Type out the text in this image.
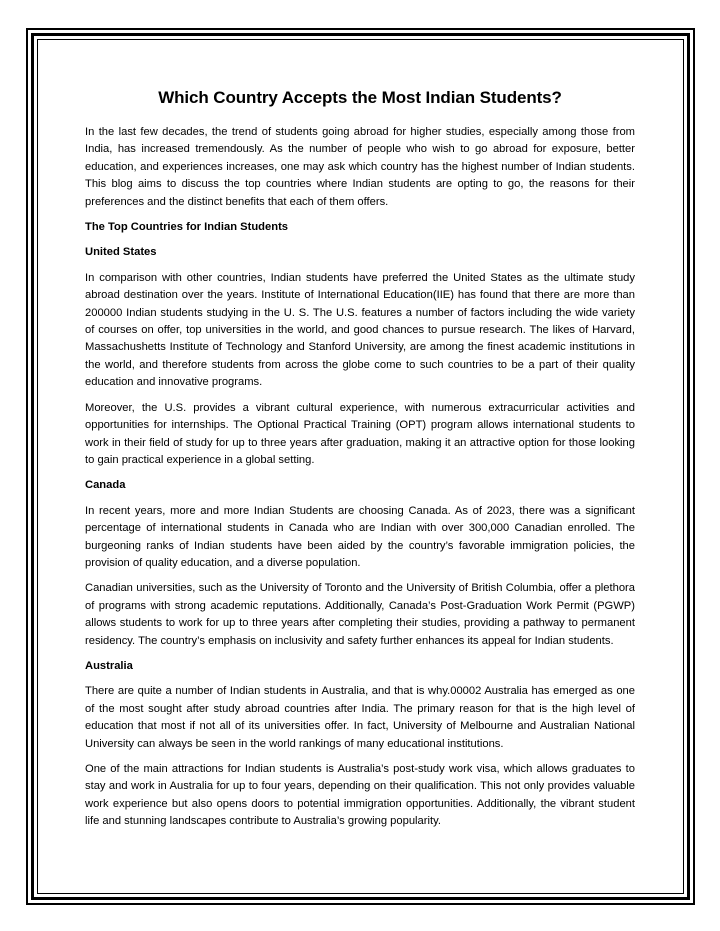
Which Country Accepts the Most Indian Students?

In the last few decades, the trend of students going abroad for higher studies, especially among those from India, has increased tremendously. As the number of people who wish to go abroad for exposure, better education, and experiences increases, one may ask which country has the highest number of Indian students. This blog aims to discuss the top countries where Indian students are opting to go, the reasons for their preferences and the distinct benefits that each of them offers.

The Top Countries for Indian Students
United States

In comparison with other countries, Indian students have preferred the United States as the ultimate study abroad destination over the years. Institute of International Education(IIE) has found that there are more than 200000 Indian students studying in the U. S. The U.S. features a number of factors including the wide variety of courses on offer, top universities in the world, and good chances to pursue research. The likes of Harvard, Massachushetts Institute of Technology and Stanford University, are among the finest academic institutions in the world, and therefore students from across the globe come to such countries to be a part of their quality education and innovative programs.

Moreover, the U.S. provides a vibrant cultural experience, with numerous extracurricular activities and opportunities for internships. The Optional Practical Training (OPT) program allows international students to work in their field of study for up to three years after graduation, making it an attractive option for those looking to gain practical experience in a global setting.

Canada

In recent years, more and more Indian Students are choosing Canada. As of 2023, there was a significant percentage of international students in Canada who are Indian with over 300,000 Canadian enrolled. The burgeoning ranks of Indian students have been aided by the country’s favorable immigration policies, the provision of quality education, and a diverse population.

Canadian universities, such as the University of Toronto and the University of British Columbia, offer a plethora of programs with strong academic reputations. Additionally, Canada’s Post-Graduation Work Permit (PGWP) allows students to work for up to three years after completing their studies, providing a pathway to permanent residency. The country’s emphasis on inclusivity and safety further enhances its appeal for Indian students.

Australia

There are quite a number of Indian students in Australia, and that is why.00002 Australia has emerged as one of the most sought after study abroad countries after India. The primary reason for that is the high level of education that most if not all of its universities offer. In fact, University of Melbourne and Australian National University can always be seen in the world rankings of many educational institutions.

One of the main attractions for Indian students is Australia’s post-study work visa, which allows graduates to stay and work in Australia for up to four years, depending on their qualification. This not only provides valuable work experience but also opens doors to potential immigration opportunities. Additionally, the vibrant student life and stunning landscapes contribute to Australia’s growing popularity.
